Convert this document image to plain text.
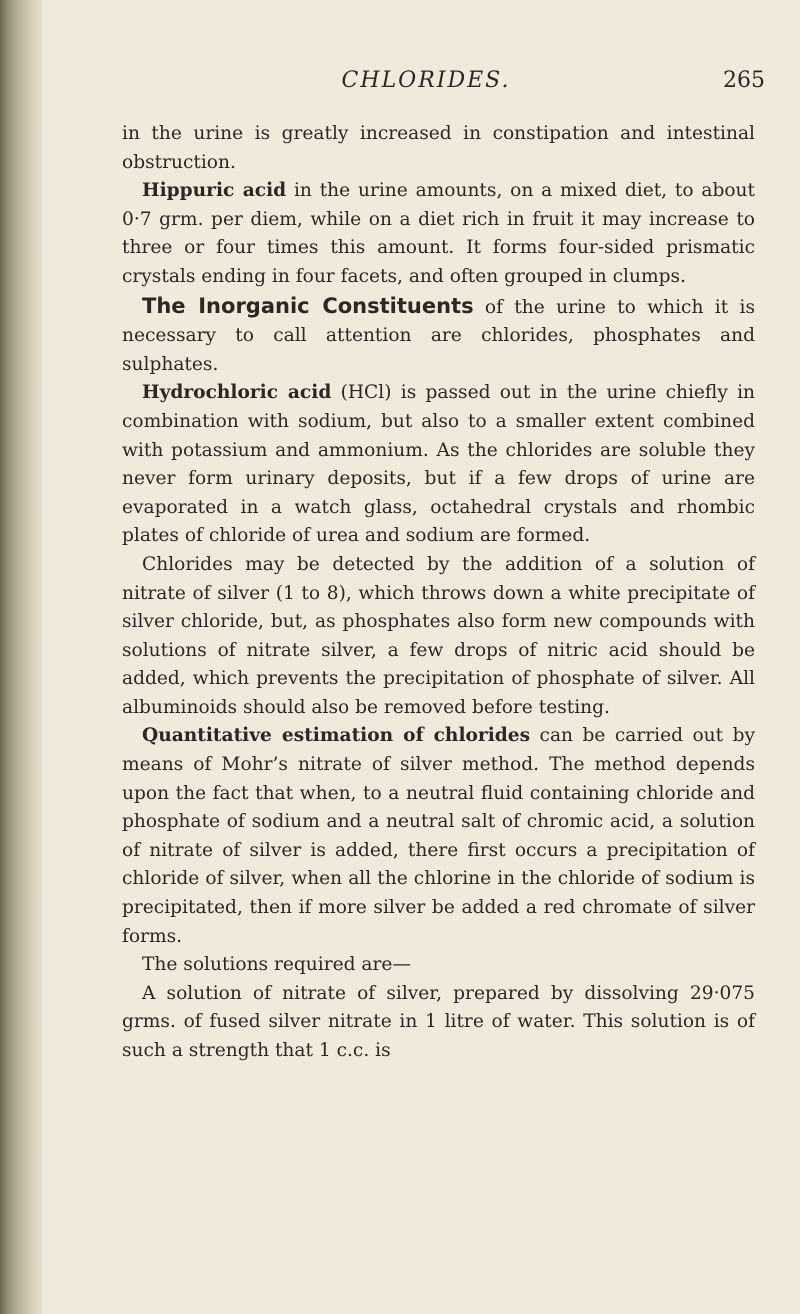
CHLORIDES.	265

in the urine is greatly increased in constipation and intestinal obstruction.

Hippuric acid in the urine amounts, on a mixed diet, to about 0·7 grm. per diem, while on a diet rich in fruit it may increase to three or four times this amount. It forms four-sided prismatic crystals ending in four facets, and often grouped in clumps.

The Inorganic Constituents of the urine to which it is necessary to call attention are chlorides, phosphates and sulphates.

Hydrochloric acid (HCl) is passed out in the urine chiefly in combination with sodium, but also to a smaller extent combined with potassium and ammonium. As the chlorides are soluble they never form urinary deposits, but if a few drops of urine are evaporated in a watch glass, octahedral crystals and rhombic plates of chloride of urea and sodium are formed.

Chlorides may be detected by the addition of a solution of nitrate of silver (1 to 8), which throws down a white precipitate of silver chloride, but, as phosphates also form new compounds with solutions of nitrate silver, a few drops of nitric acid should be added, which prevents the precipitation of phosphate of silver. All albuminoids should also be removed before testing.

Quantitative estimation of chlorides can be carried out by means of Mohr’s nitrate of silver method. The method depends upon the fact that when, to a neutral fluid containing chloride and phosphate of sodium and a neutral salt of chromic acid, a solution of nitrate of silver is added, there first occurs a precipitation of chloride of silver, when all the chlorine in the chloride of sodium is precipitated, then if more silver be added a red chromate of silver forms.

The solutions required are—

A solution of nitrate of silver, prepared by dissolving 29·075 grms. of fused silver nitrate in 1 litre of water. This solution is of such a strength that 1 c.c. is
